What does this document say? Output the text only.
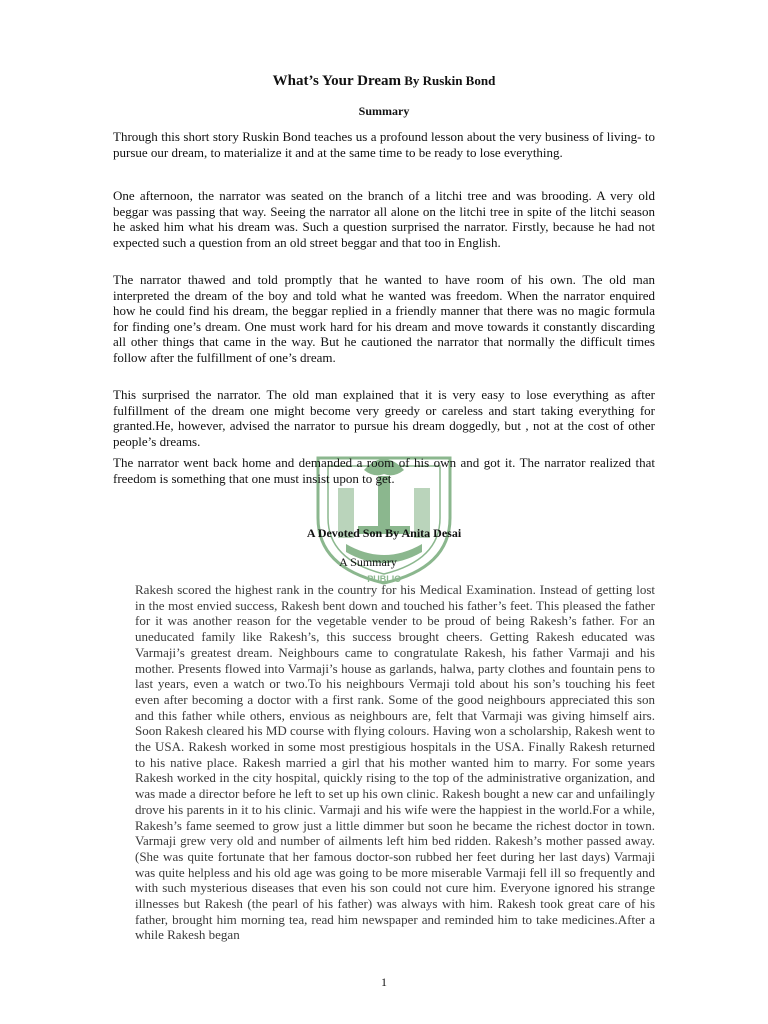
PUBLIC
What’s Your Dream By Ruskin Bond
Summary

Through this short story Ruskin Bond teaches us a profound lesson about the very business of living- to pursue our dream, to materialize it and at the same time to be ready to lose everything.

One afternoon, the narrator was seated on the branch of a litchi tree and was brooding. A very old beggar was passing that way. Seeing the narrator all alone on the litchi tree in spite of the litchi season he asked him what his dream was. Such a question surprised the narrator. Firstly, because he had not expected such a question from an old street beggar and that too in English.

The narrator thawed and told promptly that he wanted to have room of his own. The old man interpreted the dream of the boy and told what he wanted was freedom. When the narrator enquired how he could find his dream, the beggar replied in a friendly manner that there was no magic formula for finding one’s dream. One must work hard for his dream and move towards it constantly discarding all other things that came in the way. But he cautioned the narrator that normally the difficult times follow after the fulfillment of one’s dream.

This surprised the narrator. The old man explained that it is very easy to lose everything as after fulfillment of the dream one might become very greedy or careless and start taking everything for granted.He, however, advised the narrator to pursue his dream doggedly, but , not at the cost of other people’s dreams.

The narrator went back home and demanded a room of his own and got it. The narrator realized that freedom is something that one must insist upon to get.

A Devoted Son By Anita Desai
A Summary

Rakesh scored the highest rank in the country for his Medical Examination. Instead of getting lost in the most envied success, Rakesh bent down and touched his father’s feet. This pleased the father for it was another reason for the vegetable vender to be proud of being Rakesh’s father. For an uneducated family like Rakesh’s, this success brought cheers. Getting Rakesh educated was Varmaji’s greatest dream. Neighbours came to congratulate Rakesh, his father Varmaji and his mother. Presents flowed into Varmaji’s house as garlands, halwa, party clothes and fountain pens to last years, even a watch or two.To his neighbours Vermaji told about his son’s touching his feet even after becoming a doctor with a first rank. Some of the good neighbours appreciated this son and this father while others, envious as neighbours are, felt that Varmaji was giving himself airs. Soon Rakesh cleared his MD course with flying colours. Having won a scholarship, Rakesh went to the USA. Rakesh worked in some most prestigious hospitals in the USA. Finally Rakesh returned to his native place. Rakesh married a girl that his mother wanted him to marry. For some years Rakesh worked in the city hospital, quickly rising to the top of the administrative organization, and was made a director before he left to set up his own clinic. Rakesh bought a new car and unfailingly drove his parents in it to his clinic. Varmaji and his wife were the happiest in the world.For a while, Rakesh’s fame seemed to grow just a little dimmer but soon he became the richest doctor in town. Varmaji grew very old and number of ailments left him bed ridden. Rakesh’s mother passed away. (She was quite fortunate that her famous doctor-son rubbed her feet during her last days) Varmaji was quite helpless and his old age was going to be more miserable Varmaji fell ill so frequently and with such mysterious diseases that even his son could not cure him. Everyone ignored his strange illnesses but Rakesh (the pearl of his father) was always with him. Rakesh took great care of his father, brought him morning tea, read him newspaper and reminded him to take medicines.After a while Rakesh began

1
